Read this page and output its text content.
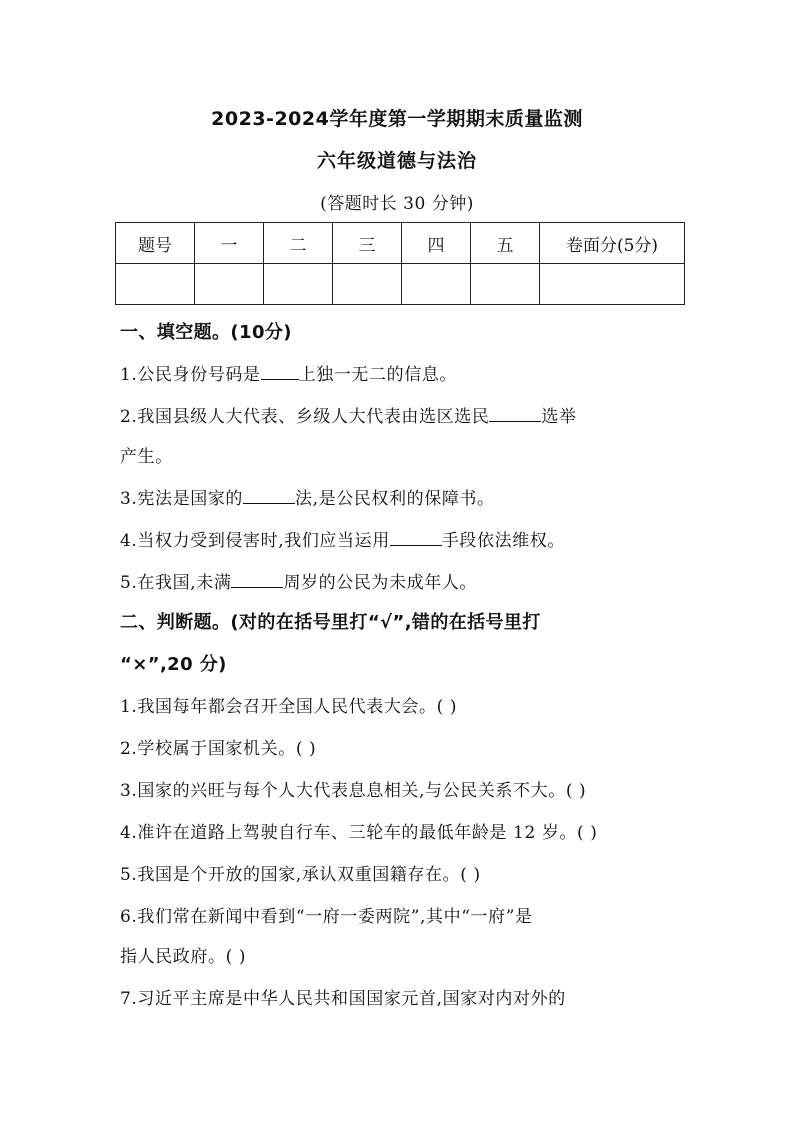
2023-2024学年度第一学期期末质量监测
六年级道德与法治
(答题时长 30 分钟)
题号	一	二	三	四	五	卷面分(5分)

一、填空题。(10分)
1.公民身份号码是 上独一无二的信息。
2.我国县级人大代表、乡级人大代表由选区选民	选举
产生。
3.宪法是国家的	法,是公民权利的保障书。
4.当权力受到侵害时,我们应当运用	手段依法维权。
5.在我国,未满	周岁的公民为未成年人。
二、判断题。(对的在括号里打“√”,错的在括号里打
“×”,20 分)
1.我国每年都会召开全国人民代表大会。( )
2.学校属于国家机关。( )
3.国家的兴旺与每个人大代表息息相关,与公民关系不大。( )
4.准许在道路上驾驶自行车、三轮车的最低年龄是 12 岁。( )
5.我国是个开放的国家,承认双重国籍存在。( )
6.我们常在新闻中看到“一府一委两院”,其中“一府”是
指人民政府。( )
7.习近平主席是中华人民共和国国家元首,国家对内对外的
